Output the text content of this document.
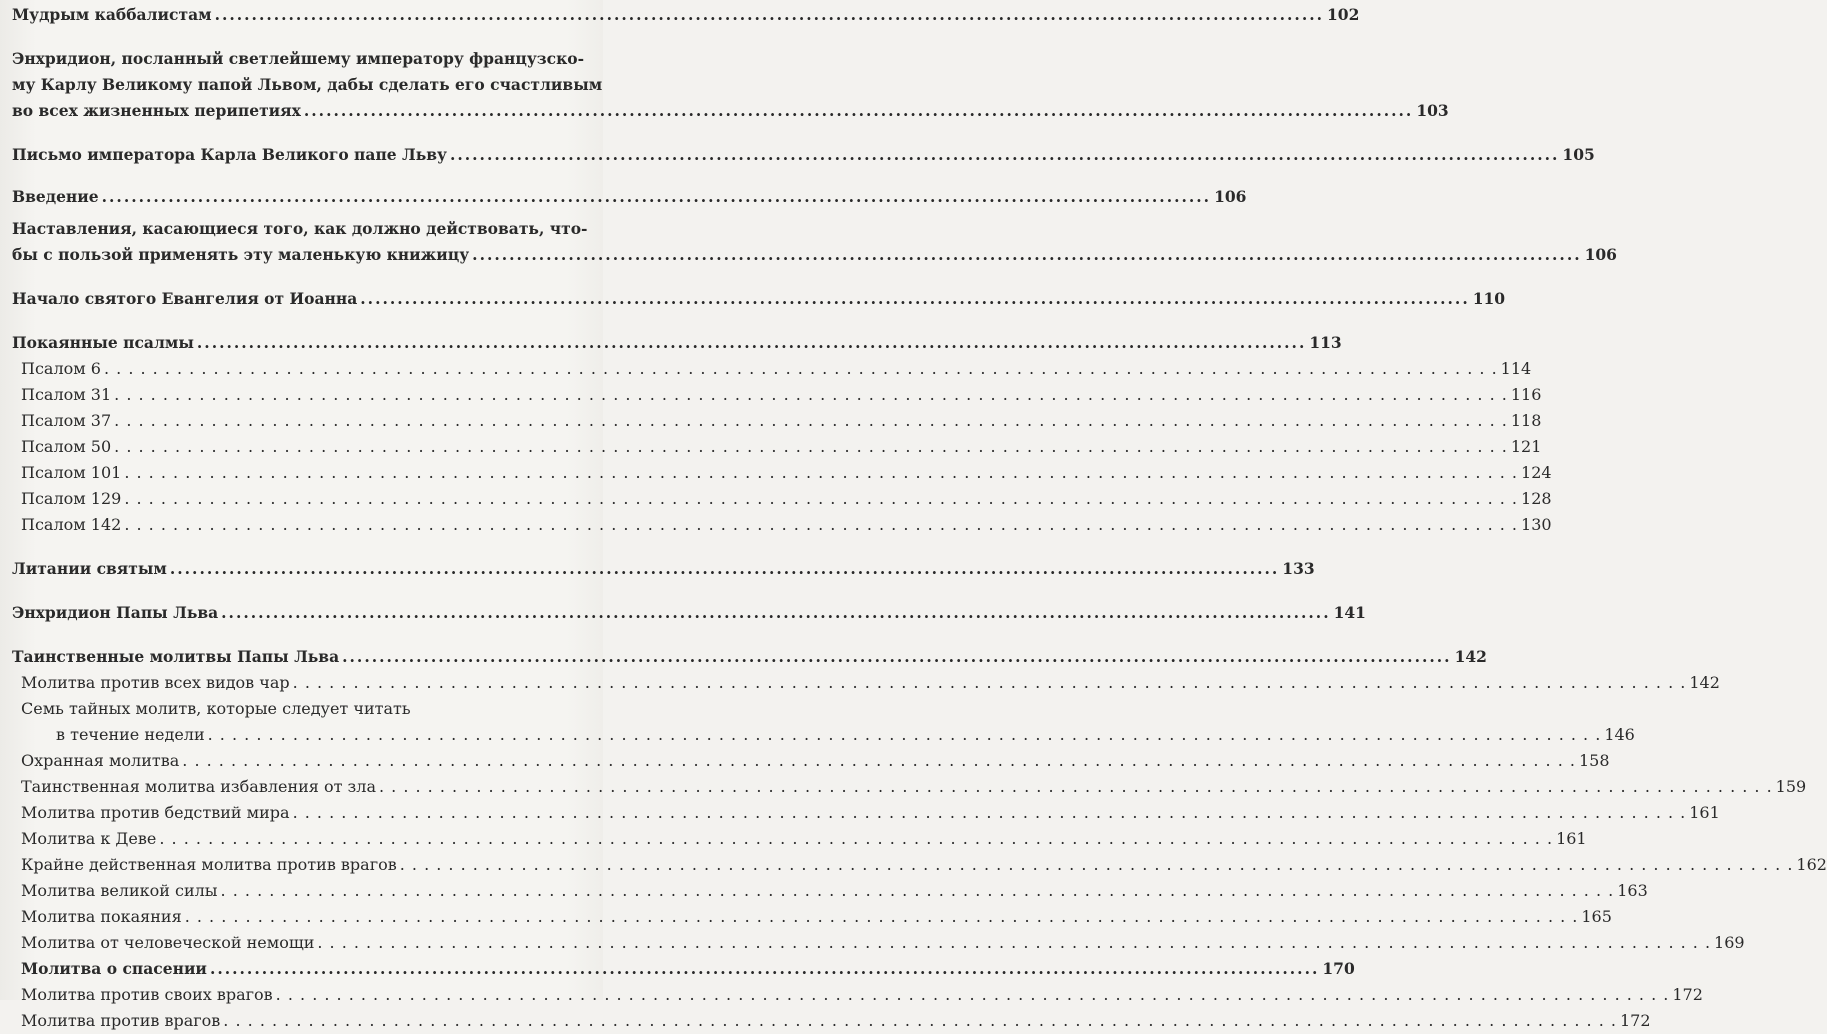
Мудрым каббалистам .....	102
Энхридион, посланный светлейшему императору французско-
му Карлу Великому папой Львом, дабы сделать его счастливым
во всех жизненных перипетиях .....	103
Письмо императора Карла Великого папе Льву .....	105
Введение .....	106
Наставления, касающиеся того, как должно действовать, что-
бы с пользой применять эту маленькую книжицу .....	106
Начало святого Евангелия от Иоанна .....	110
Покаянные псалмы .....	113
Псалом 6 . . .	114
Псалом 31 . . .	116
Псалом 37 . . .	118
Псалом 50 . . .	121
Псалом 101 . . .	124
Псалом 129 . . .	128
Псалом 142 . . .	130
Литании святым .....	133
Энхридион Папы Льва .....	141
Таинственные молитвы Папы Льва .....	142
Молитва против всех видов чар . . .	142
Семь тайных молитв, которые следует читать
в течение недели . . .	146
Охранная молитва . . .	158
Таинственная молитва избавления от зла . . .	159
Молитва против бедствий мира . . .	161
Молитва к Деве . . .	161
Крайне действенная молитва против врагов . . .	162
Молитва великой силы . . .	163
Молитва покаяния . . .	165
Молитва от человеческой немощи . . .	169
Молитва о спасении .....	170
Молитва против своих врагов . . .	172
Молитва против врагов . . .	172
